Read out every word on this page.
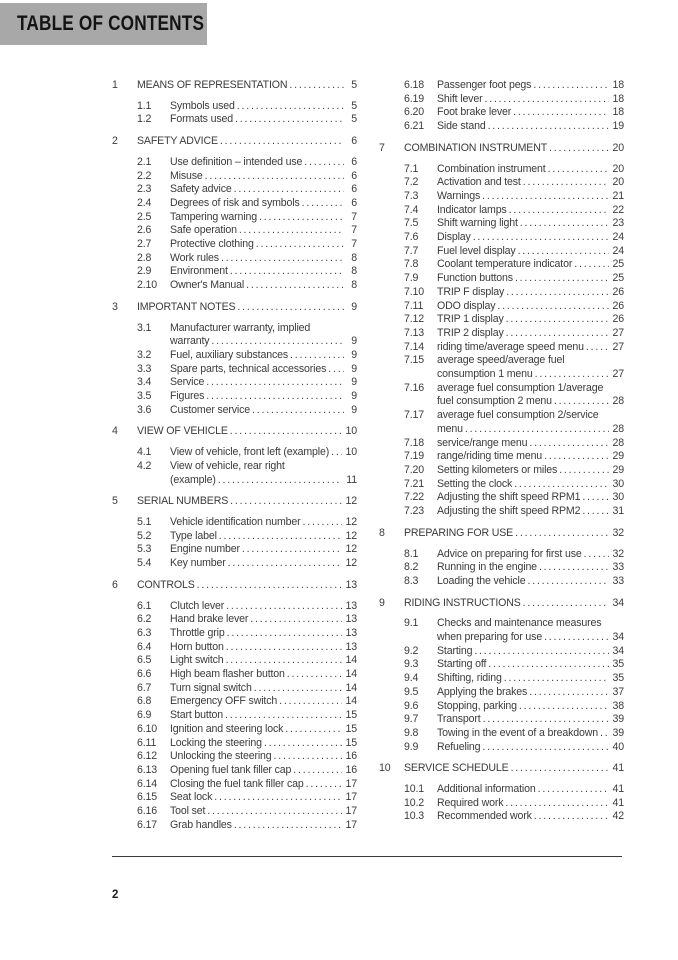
TABLE OF CONTENTS
1	MEANS OF REPRESENTATION .....	5
1.1	Symbols used .....	5
1.2	Formats used .....	5
2	SAFETY ADVICE .....	6
2.1	Use definition – intended use .....	6
2.2	Misuse .....	6
2.3	Safety advice .....	6
2.4	Degrees of risk and symbols .....	6
2.5	Tampering warning .....	7
2.6	Safe operation .....	7
2.7	Protective clothing .....	7
2.8	Work rules .....	8
2.9	Environment .....	8
2.10	Owner's Manual .....	8
3	IMPORTANT NOTES .....	9
3.1	Manufacturer warranty, implied
warranty .....	9
3.2	Fuel, auxiliary substances .....	9
3.3	Spare parts, technical accessories .....	9
3.4	Service .....	9
3.5	Figures .....	9
3.6	Customer service .....	9
4	VIEW OF VEHICLE .....	10
4.1	View of vehicle, front left (example) .....	10
4.2	View of vehicle, rear right
(example) .....	11
5	SERIAL NUMBERS .....	12
5.1	Vehicle identification number .....	12
5.2	Type label .....	12
5.3	Engine number .....	12
5.4	Key number .....	12
6	CONTROLS .....	13
6.1	Clutch lever .....	13
6.2	Hand brake lever .....	13
6.3	Throttle grip .....	13
6.4	Horn button .....	13
6.5	Light switch .....	14
6.6	High beam flasher button .....	14
6.7	Turn signal switch .....	14
6.8	Emergency OFF switch .....	14
6.9	Start button .....	15
6.10	Ignition and steering lock .....	15
6.11	Locking the steering .....	15
6.12	Unlocking the steering .....	16
6.13	Opening fuel tank filler cap .....	16
6.14	Closing the fuel tank filler cap .....	17
6.15	Seat lock .....	17
6.16	Tool set .....	17
6.17	Grab handles .....	17
6.18	Passenger foot pegs .....	18
6.19	Shift lever .....	18
6.20	Foot brake lever .....	18
6.21	Side stand .....	19
7	COMBINATION INSTRUMENT .....	20
7.1	Combination instrument .....	20
7.2	Activation and test .....	20
7.3	Warnings .....	21
7.4	Indicator lamps .....	22
7.5	Shift warning light .....	23
7.6	Display .....	24
7.7	Fuel level display .....	24
7.8	Coolant temperature indicator .....	25
7.9	Function buttons .....	25
7.10	TRIP F display .....	26
7.11	ODO display .....	26
7.12	TRIP 1 display .....	26
7.13	TRIP 2 display .....	27
7.14	riding time/average speed menu .....	27
7.15	average speed/average fuel
consumption 1 menu .....	27
7.16	average fuel consumption 1/average
fuel consumption 2 menu .....	28
7.17	average fuel consumption 2/service
menu .....	28
7.18	service/range menu .....	28
7.19	range/riding time menu .....	29
7.20	Setting kilometers or miles .....	29
7.21	Setting the clock .....	30
7.22	Adjusting the shift speed RPM1 .....	30
7.23	Adjusting the shift speed RPM2 .....	31
8	PREPARING FOR USE .....	32
8.1	Advice on preparing for first use .....	32
8.2	Running in the engine .....	33
8.3	Loading the vehicle .....	33
9	RIDING INSTRUCTIONS .....	34
9.1	Checks and maintenance measures
when preparing for use .....	34
9.2	Starting .....	34
9.3	Starting off .....	35
9.4	Shifting, riding .....	35
9.5	Applying the brakes .....	37
9.6	Stopping, parking .....	38
9.7	Transport .....	39
9.8	Towing in the event of a breakdown .....	39
9.9	Refueling .....	40
10	SERVICE SCHEDULE .....	41
10.1	Additional information .....	41
10.2	Required work .....	41
10.3	Recommended work .....	42
2
